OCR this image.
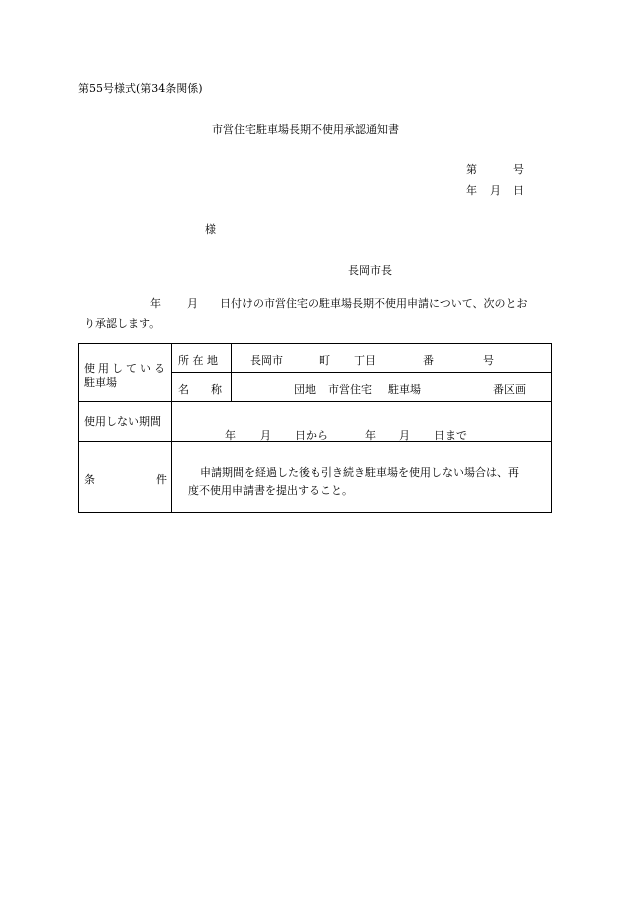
第55号様式(第34条関係)
市営住宅駐車場長期不使用承認通知書
第	号
年 月 日
様
長岡市長
年 月 日付けの市営住宅の駐車場長期不使用申請について、次のとお
り承認します。
使用している
駐車場
所 在 地	長岡市	町 丁目	番	号
名　　称	団地 市営住宅 駐車場	番区画
使用しない期間
年 月 日から	年 月 日まで
条	件
申請期間を経過した後も引き続き駐車場を使用しない場合は、再
度不使用申請書を提出すること。
